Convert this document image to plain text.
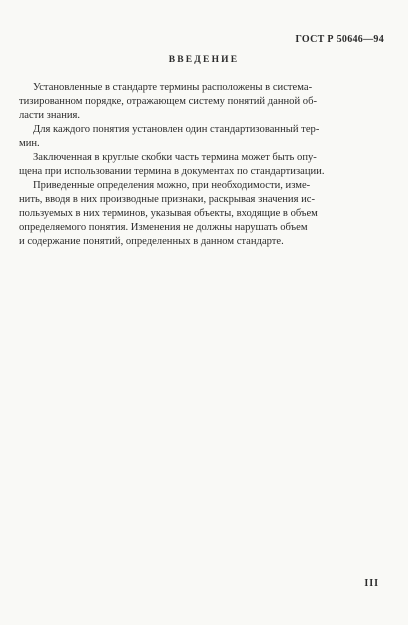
ГОСТ Р 50646—94
ВВЕДЕНИЕ
Установленные в стандарте термины расположены в системa-
тизированном порядке, отражающем систему понятий данной об-
ласти знания.
Для каждого понятия установлен один стандартизованный тер-
мин.
Заключенная в круглые скобки часть термина может быть опу-
щена при использовании термина в документах по стандартизации.
Приведенные определения можно, при необходимости, изме-
нить, вводя в них производные признаки, раскрывая значения ис-
пользуемых в них терминов, указывая объекты, входящие в объем
определяемого понятия. Изменения не должны нарушать объем
и содержание понятий, определенных в данном стандарте.
III
